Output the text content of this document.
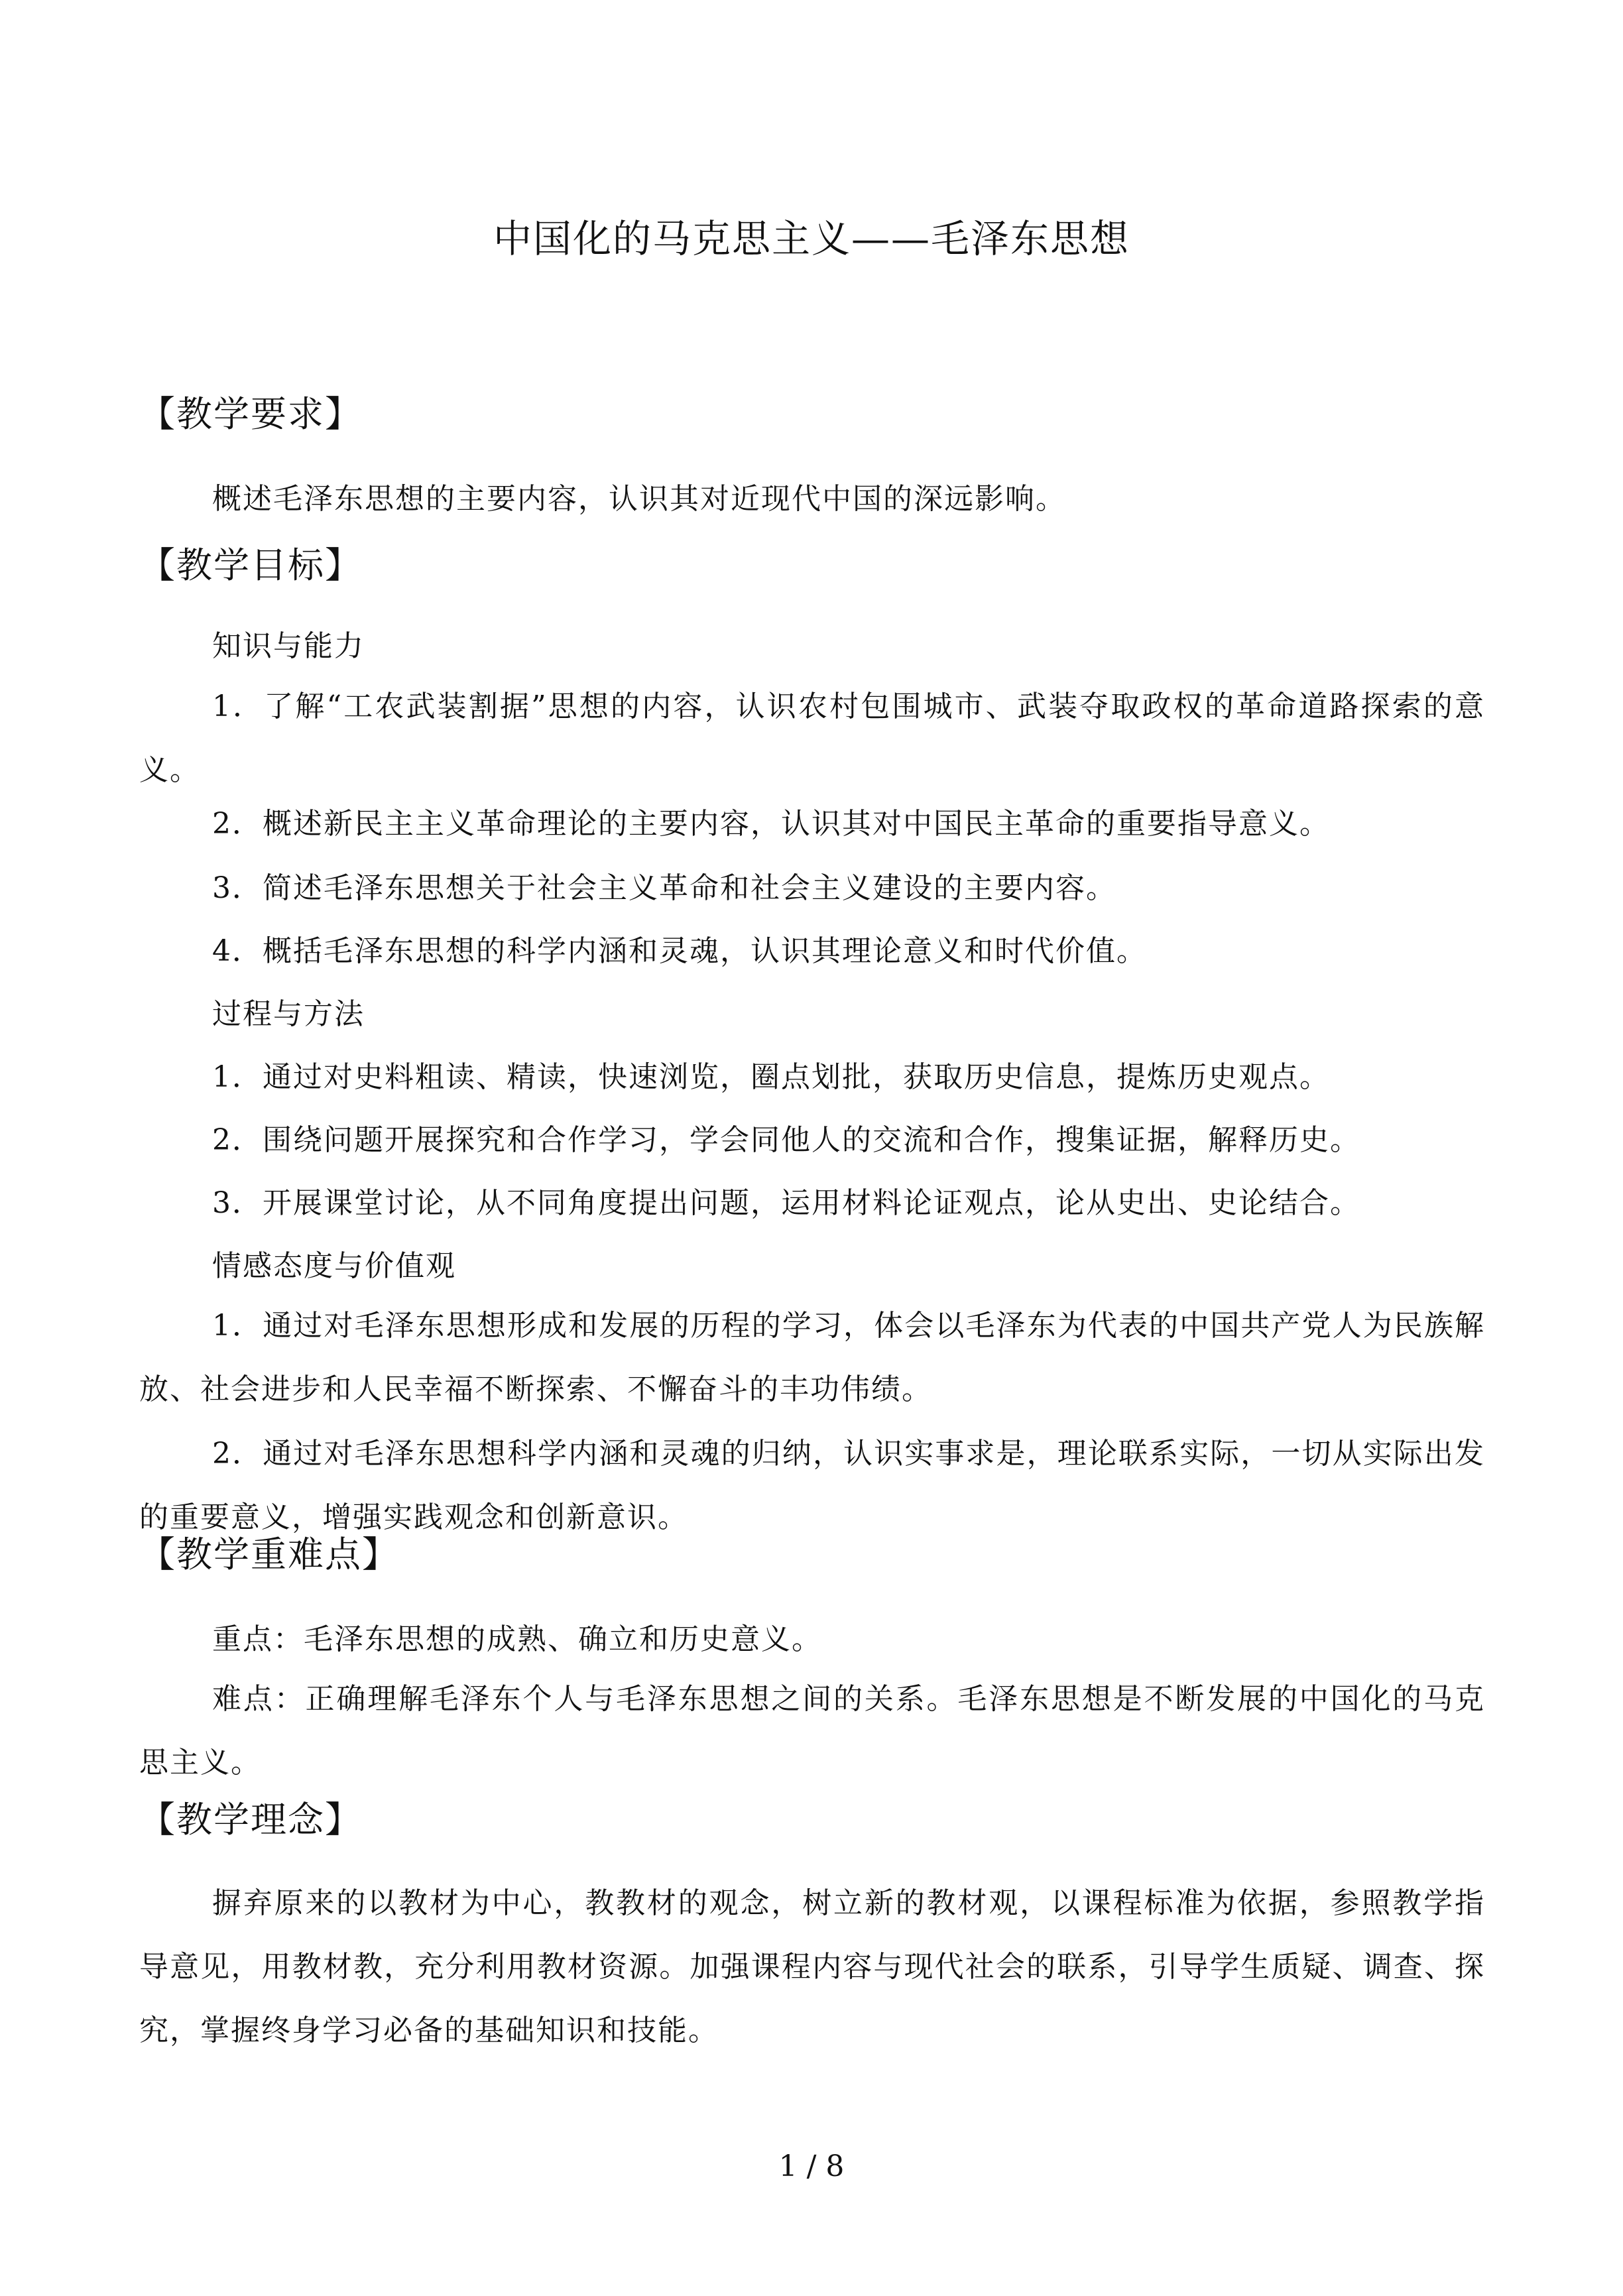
中国化的马克思主义——毛泽东思想
【教学要求】
概述毛泽东思想的主要内容，认识其对近现代中国的深远影响。
【教学目标】
知识与能力

1．了解“工农武装割据”思想的内容，认识农村包围城市、武装夺取政权的革命道路探索的意义。

2．概述新民主主义革命理论的主要内容，认识其对中国民主革命的重要指导意义。
3．简述毛泽东思想关于社会主义革命和社会主义建设的主要内容。
4．概括毛泽东思想的科学内涵和灵魂，认识其理论意义和时代价值。
过程与方法
1．通过对史料粗读、精读，快速浏览，圈点划批，获取历史信息，提炼历史观点。
2．围绕问题开展探究和合作学习，学会同他人的交流和合作，搜集证据，解释历史。
3．开展课堂讨论，从不同角度提出问题，运用材料论证观点，论从史出、史论结合。
情感态度与价值观

1．通过对毛泽东思想形成和发展的历程的学习，体会以毛泽东为代表的中国共产党人为民族解放、社会进步和人民幸福不断探索、不懈奋斗的丰功伟绩。

2．通过对毛泽东思想科学内涵和灵魂的归纳，认识实事求是，理论联系实际，一切从实际出发的重要意义，增强实践观念和创新意识。

【教学重难点】
重点：毛泽东思想的成熟、确立和历史意义。

难点：正确理解毛泽东个人与毛泽东思想之间的关系。毛泽东思想是不断发展的中国化的马克思主义。

【教学理念】

摒弃原来的以教材为中心，教教材的观念，树立新的教材观，以课程标准为依据，参照教学指导意见，用教材教，充分利用教材资源。加强课程内容与现代社会的联系，引导学生质疑、调查、探究，掌握终身学习必备的基础知识和技能。

1 / 8
